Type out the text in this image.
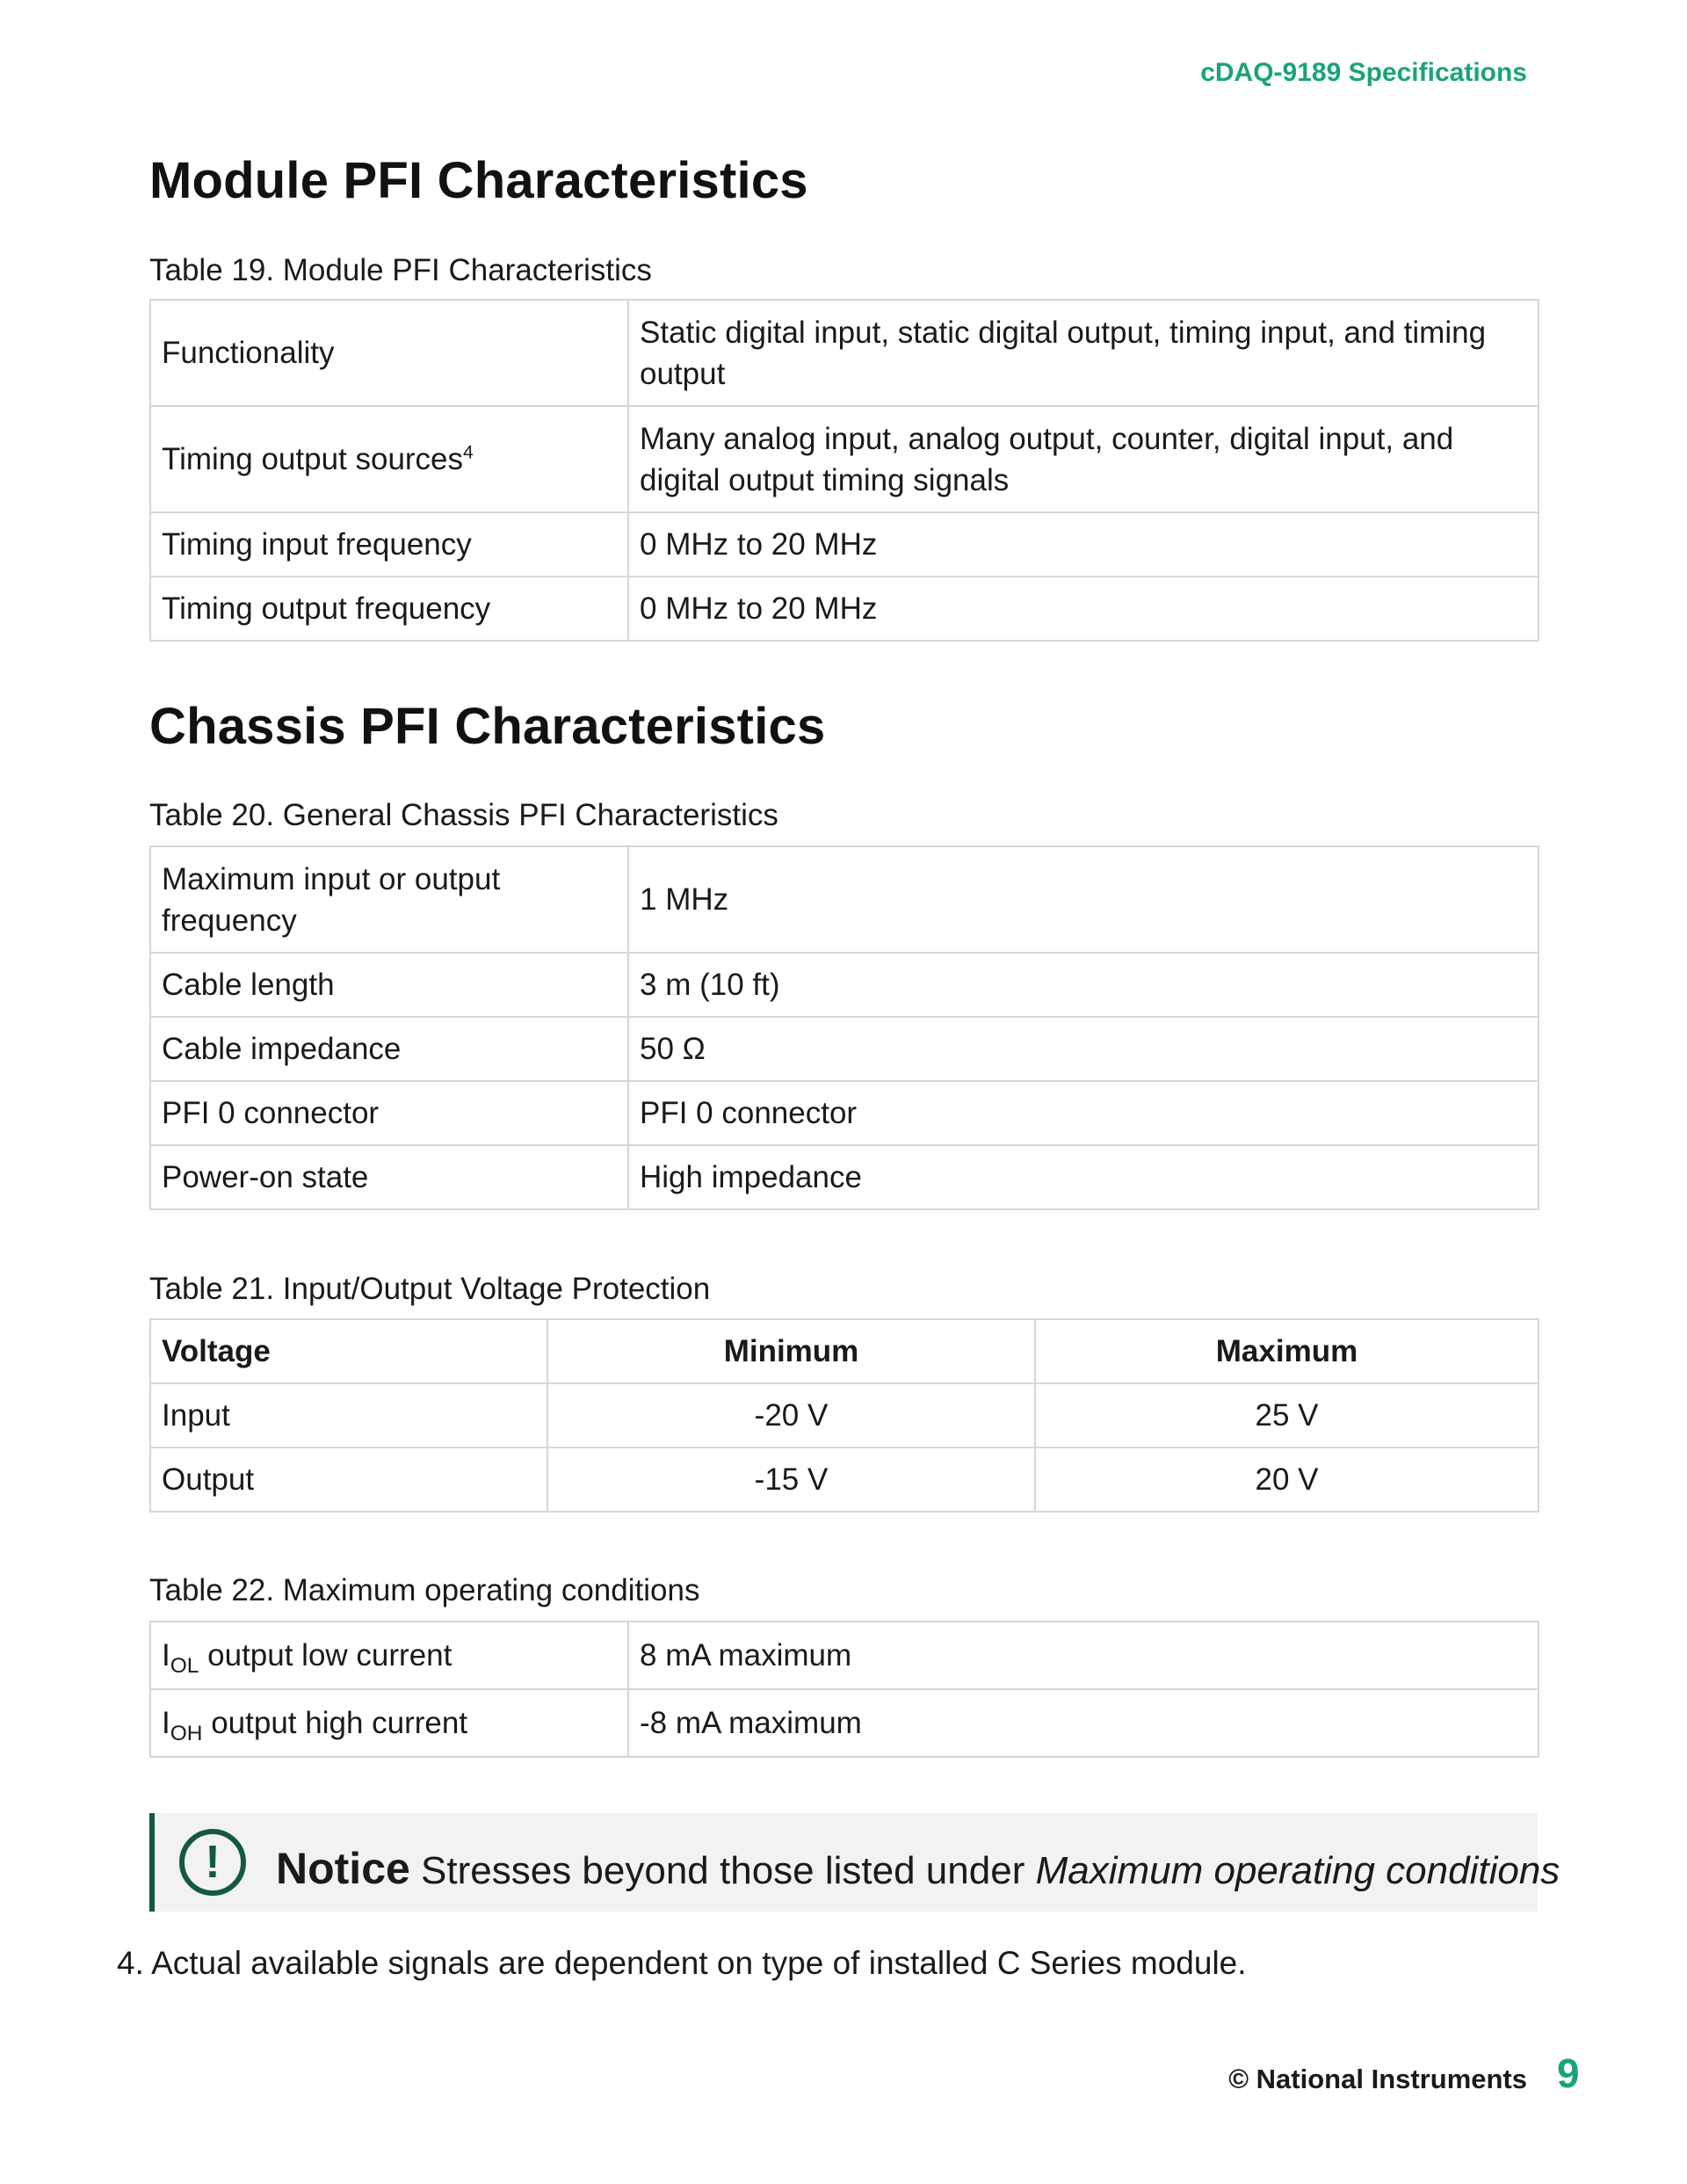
cDAQ-9189 Specifications
Module PFI Characteristics
Table 19. Module PFI Characteristics
Functionality	Static digital input, static digital output, timing input, and timing output
Timing output sources$^4$	Many analog input, analog output, counter, digital input, and digital output timing signals
Timing input frequency	0 MHz to 20 MHz
Timing output frequency	0 MHz to 20 MHz
Chassis PFI Characteristics
Table 20. General Chassis PFI Characteristics
Maximum input or output frequency	1 MHz
Cable length	3 m (10 ft)
Cable impedance	50 Ω
PFI 0 connector	PFI 0 connector
Power-on state	High impedance
Table 21. Input/Output Voltage Protection
Voltage	Minimum	Maximum
Input	-20 V	25 V
Output	-15 V	20 V
Table 22. Maximum operating conditions
$I_{OL}$ output low current	8 mA maximum
$I_{OH}$ output high current	-8 mA maximum
!	Notice Stresses beyond those listed under Maximum operating conditions
4. Actual available signals are dependent on type of installed C Series module.
© National Instruments 9
